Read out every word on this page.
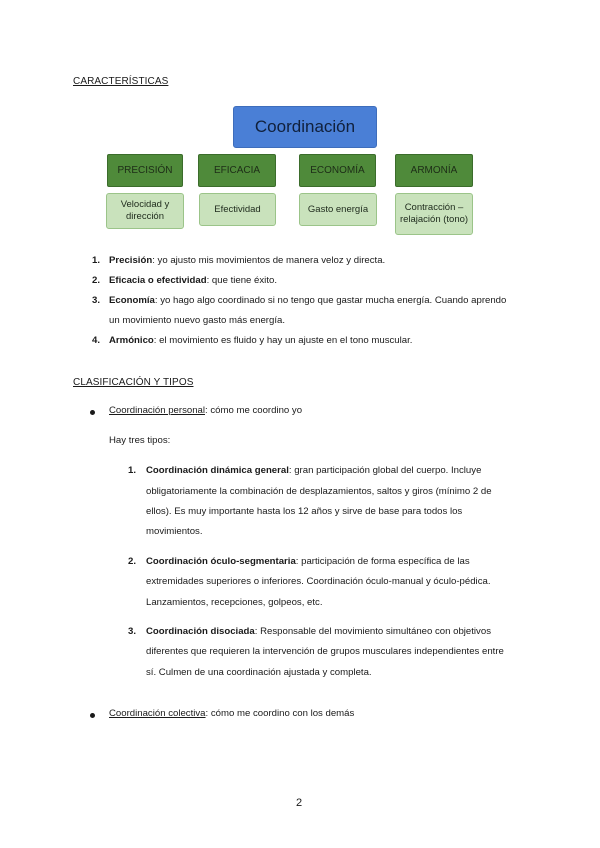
CARACTERÍSTICAS
Coordinación
PRECISIÓN	EFICACIA	ECONOMÍA	ARMONÍA
Velocidad y dirección
Efectividad	Gasto energía	Contracción – relajación (tono)
1. Precisión: yo ajusto mis movimientos de manera veloz y directa.
2. Eficacia o efectividad: que tiene éxito.
3. Economía: yo hago algo coordinado si no tengo que gastar mucha energía. Cuando aprendo
un movimiento nuevo gasto más energía.
4. Armónico: el movimiento es fluido y hay un ajuste en el tono muscular.
CLASIFICACIÓN Y TIPOS
Coordinación personal: cómo me coordino yo
Hay tres tipos:
1. Coordinación dinámica general: gran participación global del cuerpo. Incluye
obligatoriamente la combinación de desplazamientos, saltos y giros (mínimo 2 de
ellos). Es muy importante hasta los 12 años y sirve de base para todos los
movimientos.
2. Coordinación óculo-segmentaria: participación de forma específica de las
extremidades superiores o inferiores. Coordinación óculo-manual y óculo-pédica.
Lanzamientos, recepciones, golpeos, etc.
3. Coordinación disociada: Responsable del movimiento simultáneo con objetivos
diferentes que requieren la intervención de grupos musculares independientes entre
sí. Culmen de una coordinación ajustada y completa.
Coordinación colectiva: cómo me coordino con los demás
2
